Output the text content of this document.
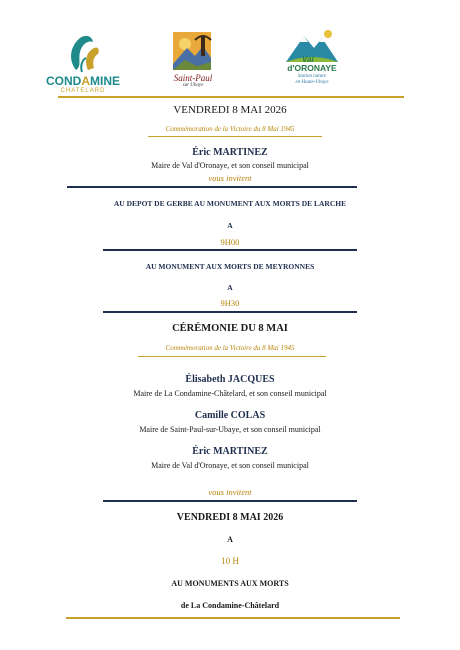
CONDAMINE
CHATELARD
Saint-Paul
sur Ubaye
Val
d'ORONAYE
Station nature
en Haute-Ubaye
VENDREDI 8 MAI 2026
Commémoration de la Victoire du 8 Mai 1945
Éric MARTINEZ
Maire de Val d'Oronaye, et son conseil municipal
vous invitent
AU DEPOT DE GERBE AU MONUMENT AUX MORTS DE LARCHE
A
9H00
AU MONUMENT AUX MORTS DE MEYRONNES
A
9H30
CÉRÉMONIE DU 8 MAI
Commémoration de la Victoire du 8 Mai 1945
Élisabeth JACQUES
Maire de La Condamine-Châtelard, et son conseil municipal
Camille COLAS
Maire de Saint-Paul-sur-Ubaye, et son conseil municipal
Éric MARTINEZ
Maire de Val d'Oronaye, et son conseil municipal
vous invitent
VENDREDI 8 MAI 2026
A
10 H
AU MONUMENTS AUX MORTS
de La Condamine-Châtelard
